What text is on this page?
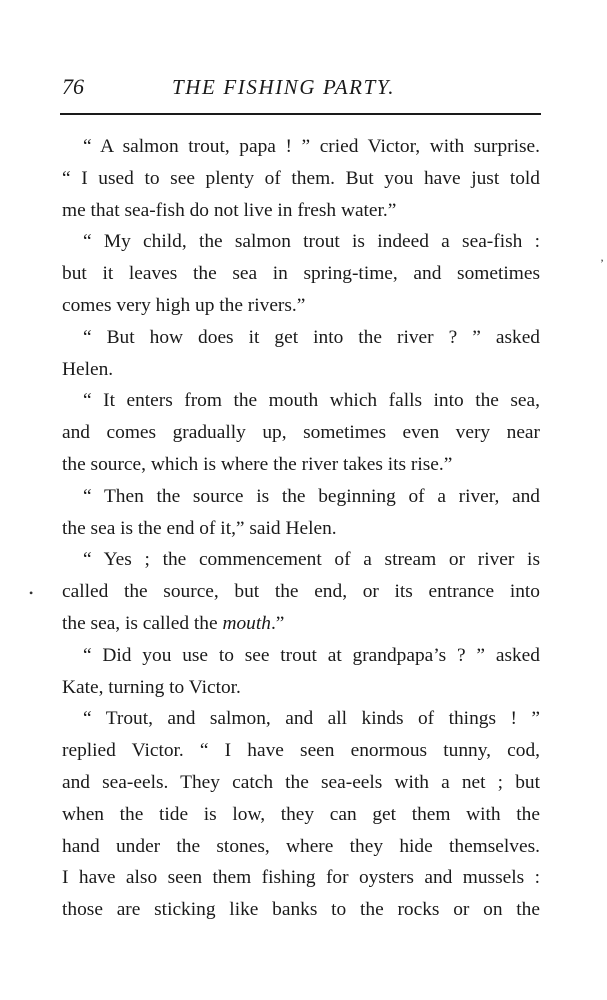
76	THE FISHING PARTY.
“ A salmon trout, papa ! ” cried Victor, with surprise.
“ I used to see plenty of them. But you have just told
me that sea-fish do not live in fresh water.”
“ My child, the salmon trout is indeed a sea-fish :
but it leaves the sea in spring-time, and sometimes
comes very high up the rivers.”
“ But how does it get into the river ? ” asked
Helen.
“ It enters from the mouth which falls into the sea,
and comes gradually up, sometimes even very near
the source, which is where the river takes its rise.”
“ Then the source is the beginning of a river, and
the sea is the end of it,” said Helen.
“ Yes ; the commencement of a stream or river is
called the source, but the end, or its entrance into
the sea, is called the mouth.”
“ Did you use to see trout at grandpapa’s ? ” asked
Kate, turning to Victor.
“ Trout, and salmon, and all kinds of things ! ”
replied Victor. “ I have seen enormous tunny, cod,
and sea-eels. They catch the sea-eels with a net ; but
when the tide is low, they can get them with the
hand under the stones, where they hide themselves.
I have also seen them fishing for oysters and mussels :
those are sticking like banks to the rocks or on the
•
’
